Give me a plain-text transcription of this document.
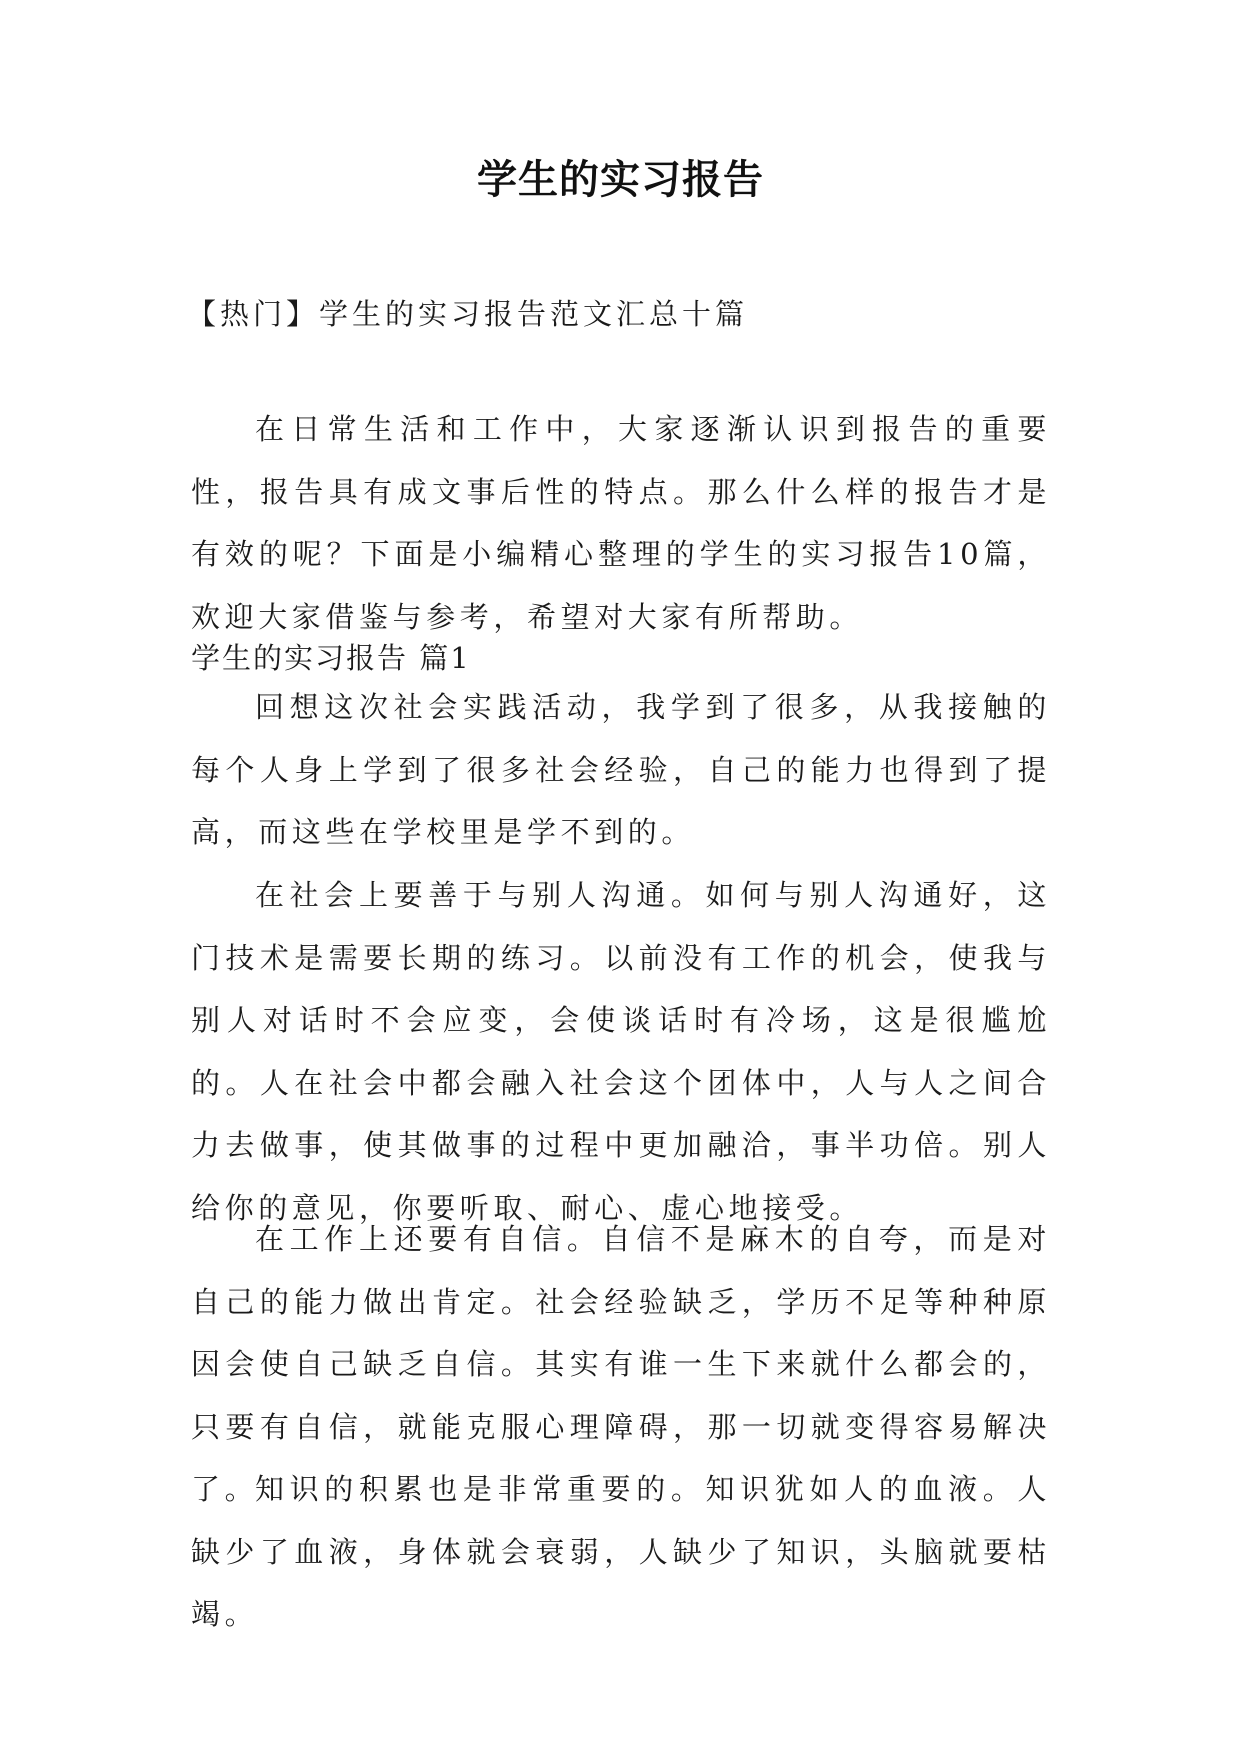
学生的实习报告
【热门】学生的实习报告范文汇总十篇
在日常生活和工作中，大家逐渐认识到报告的重要性，报告具有成文事后性的特点。那么什么样的报告才是有效的呢？下面是小编精心整理的学生的实习报告10篇，欢迎大家借鉴与参考，希望对大家有所帮助。
学生的实习报告 篇1
回想这次社会实践活动，我学到了很多，从我接触的每个人身上学到了很多社会经验，自己的能力也得到了提高，而这些在学校里是学不到的。
在社会上要善于与别人沟通。如何与别人沟通好，这门技术是需要长期的练习。以前没有工作的机会，使我与别人对话时不会应变，会使谈话时有冷场，这是很尴尬的。人在社会中都会融入社会这个团体中，人与人之间合力去做事，使其做事的过程中更加融洽，事半功倍。别人给你的意见，你要听取、耐心、虚心地接受。
在工作上还要有自信。自信不是麻木的自夸，而是对自己的能力做出肯定。社会经验缺乏，学历不足等种种原因会使自己缺乏自信。其实有谁一生下来就什么都会的，只要有自信，就能克服心理障碍，那一切就变得容易解决了。
知识的积累也是非常重要的。知识犹如人的血液。人缺少了血液，身体就会衰弱，人缺少了知识，头脑就要枯竭。
